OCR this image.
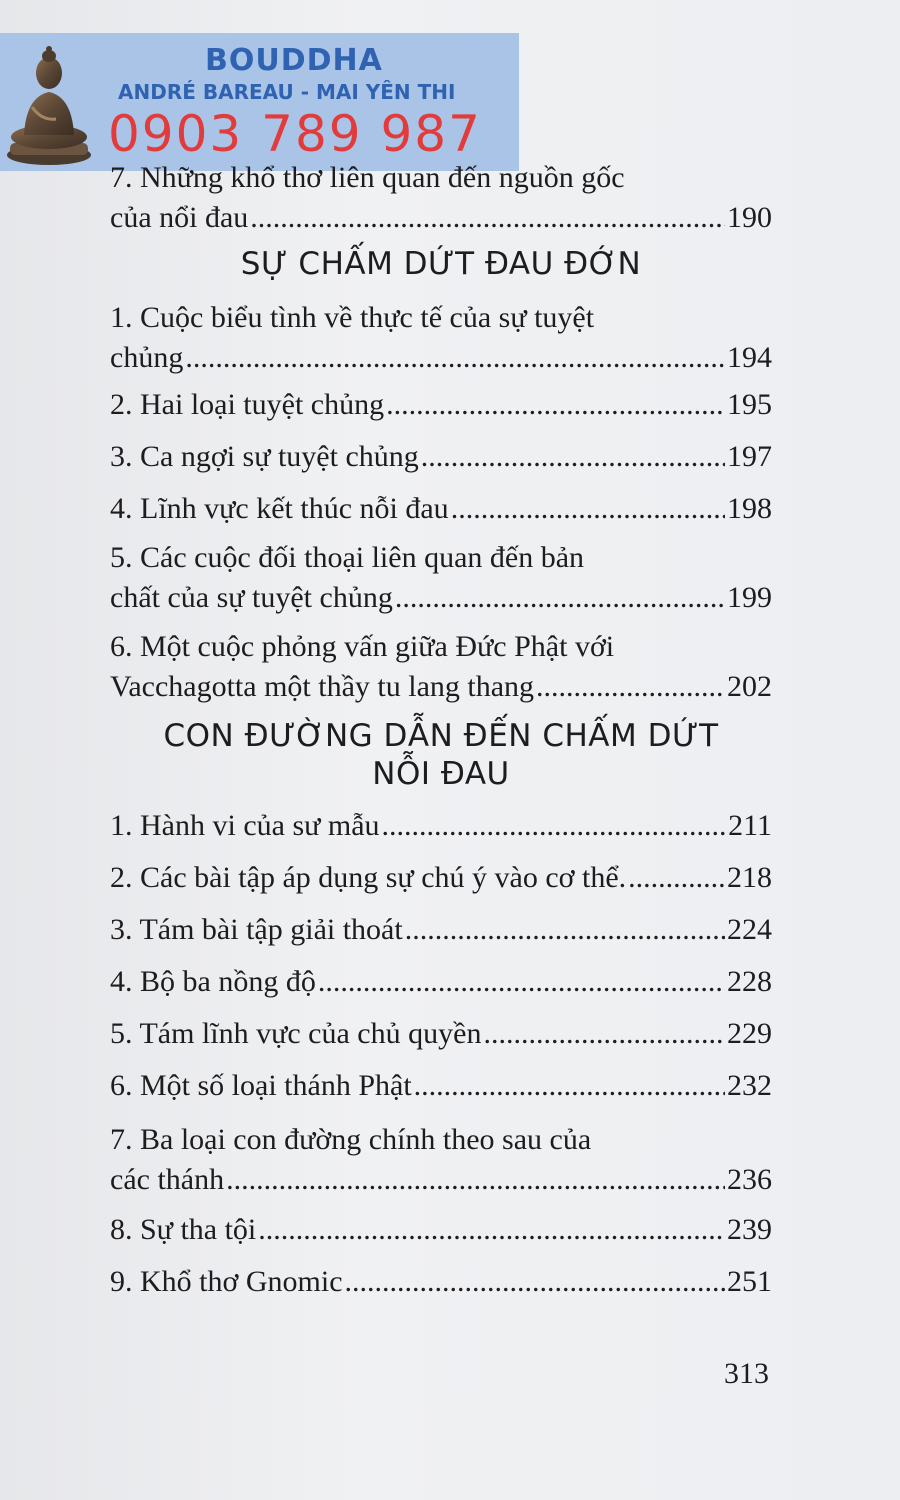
BOUDDHA
ANDRÉ BAREAU - MAI YÊN THI
0903 789 987
7. Những khổ thơ liên quan đến nguồn gốc
của nổi đau .....	190
SỰ CHẤM DỨT ĐAU ĐỚN
1. Cuộc biểu tình về thực tế của sự tuyệt
chủng .....	194
2. Hai loại tuyệt chủng .....	195
3. Ca ngợi sự tuyệt chủng .....	197
4. Lĩnh vực kết thúc nỗi đau .....	198
5. Các cuộc đối thoại liên quan đến bản
chất của sự tuyệt chủng .....	199
6. Một cuộc phỏng vấn giữa Đức Phật với
Vacchagotta một thầy tu lang thang .....	202
CON ĐƯỜNG DẪN ĐẾN CHẤM DỨT
NỖI ĐAU
1. Hành vi của sư mẫu .....	211
2. Các bài tập áp dụng sự chú ý vào cơ thể. .....	218
3. Tám bài tập giải thoát .....	224
4. Bộ ba nồng độ .....	228
5. Tám lĩnh vực của chủ quyền .....	229
6. Một số loại thánh Phật .....	232
7. Ba loại con đường chính theo sau của
các thánh .....	236
8. Sự tha tội .....	239
9. Khổ thơ Gnomic .....	251
313
